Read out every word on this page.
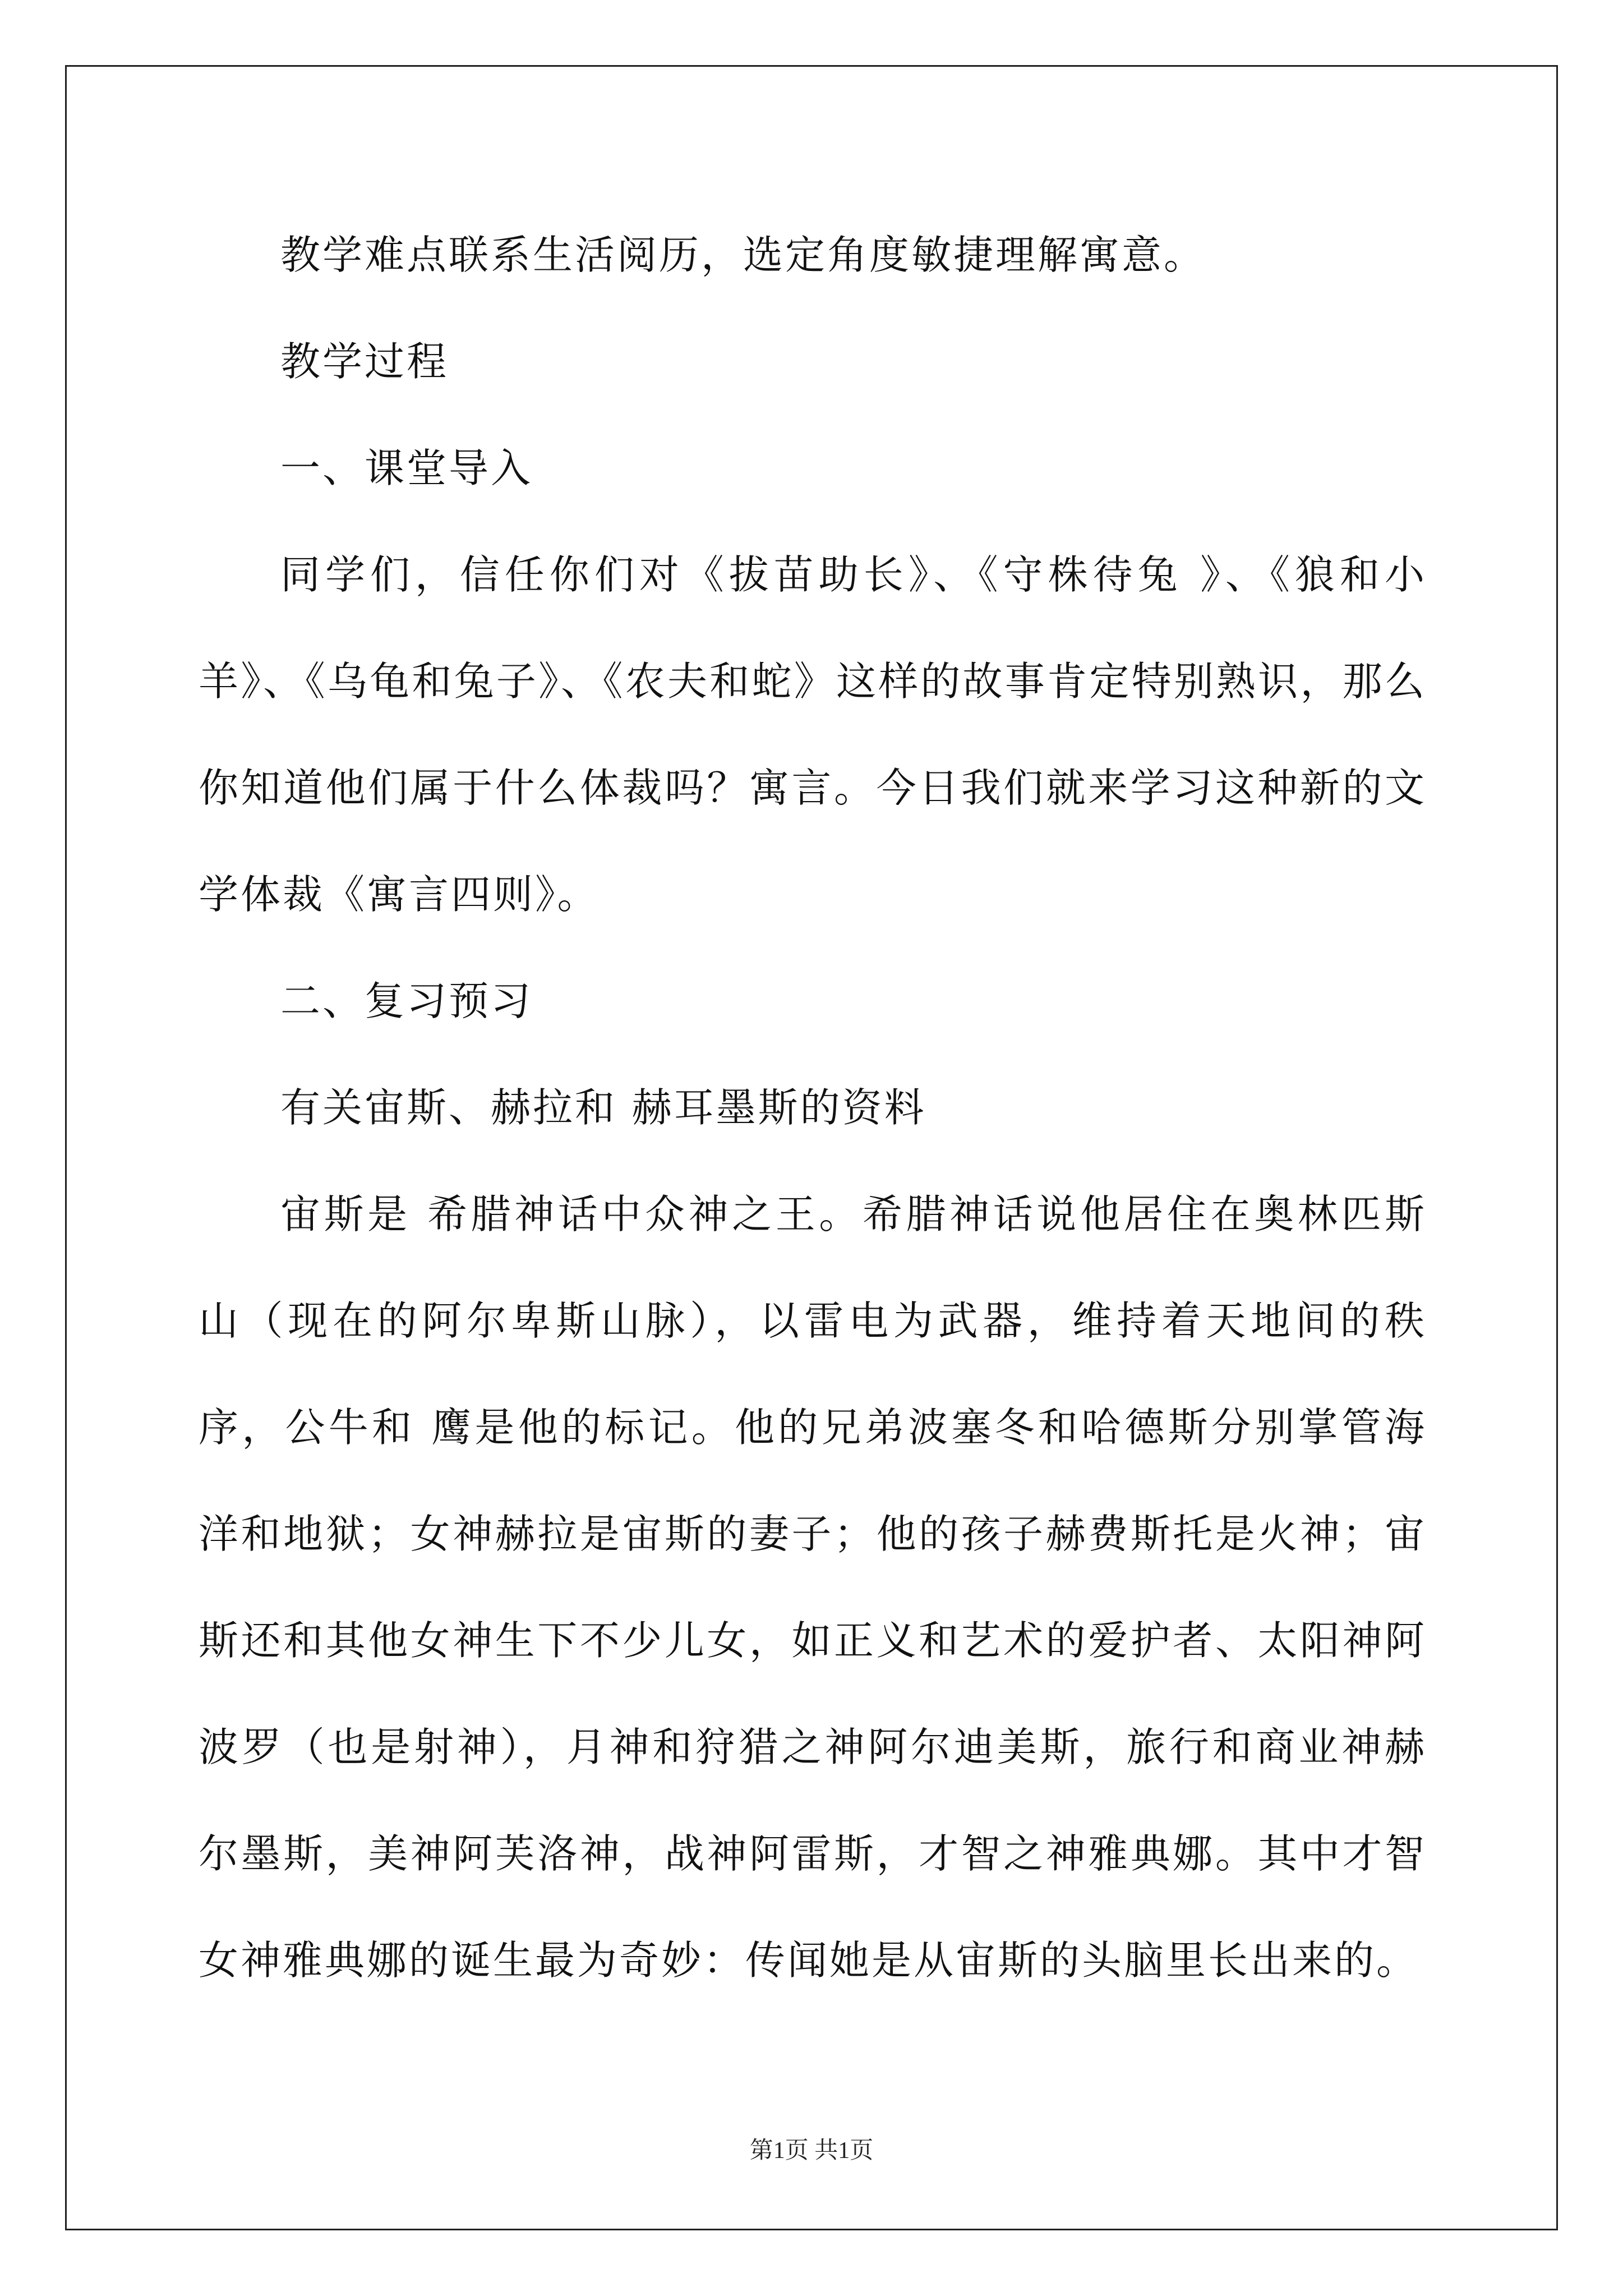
教学难点联系生活阅历，选定角度敏捷理解寓意。

教学过程

一、课堂导入

同学们，信任你们对《拔苗助长》、《守株待兔 》、《狼和小羊》、《乌龟和兔子》、《农夫和蛇》这样的故事肯定特别熟识，那么你知道他们属于什么体裁吗？寓言。今日我们就来学习这种新的文学体裁《寓言四则》。

二、复习预习

有关宙斯、赫拉和 赫耳墨斯的资料

宙斯是 希腊神话中众神之王。希腊神话说他居住在奥林匹斯山（现在的阿尔卑斯山脉），以雷电为武器，维持着天地间的秩序，公牛和 鹰是他的标记。他的兄弟波塞冬和哈德斯分别掌管海洋和地狱；女神赫拉是宙斯的妻子；他的孩子赫费斯托是火神；宙斯还和其他女神生下不少儿女，如正义和艺术的爱护者、太阳神阿波罗（也是射神），月神和狩猎之神阿尔迪美斯，旅行和商业神赫尔墨斯，美神阿芙洛神，战神阿雷斯，才智之神雅典娜。其中才智女神雅典娜的诞生最为奇妙：传闻她是从宙斯的头脑里长出来的。

第1页 共1页
